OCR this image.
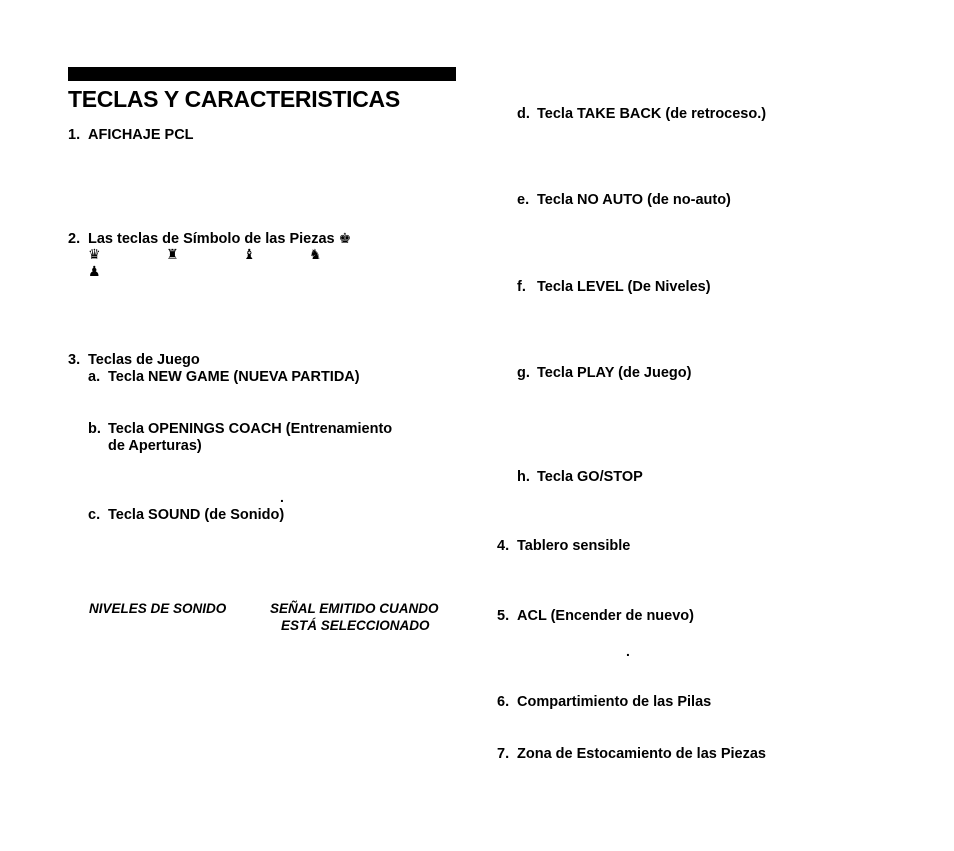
TECLAS Y CARACTERISTICAS
1. AFICHAJE PCL
2. Las teclas de Símbolo de las Piezas ♚
♛	♜	♝	♞
♟
3. Teclas de Juego
a. Tecla NEW GAME (NUEVA PARTIDA)
b. Tecla OPENINGS COACH (Entrenamiento
de Aperturas)
.
c. Tecla SOUND (de Sonido)
NIVELES DE SONIDO	SEÑAL EMITIDO CUANDO
ESTÁ SELECCIONADO
d. Tecla TAKE BACK (de retroceso.)
e. Tecla NO AUTO (de no-auto)
f. Tecla LEVEL (De Niveles)
g. Tecla PLAY (de Juego)
h. Tecla GO/STOP
4. Tablero sensible
5. ACL (Encender de nuevo)
.
6. Compartimiento de las Pilas
7. Zona de Estocamiento de las Piezas
